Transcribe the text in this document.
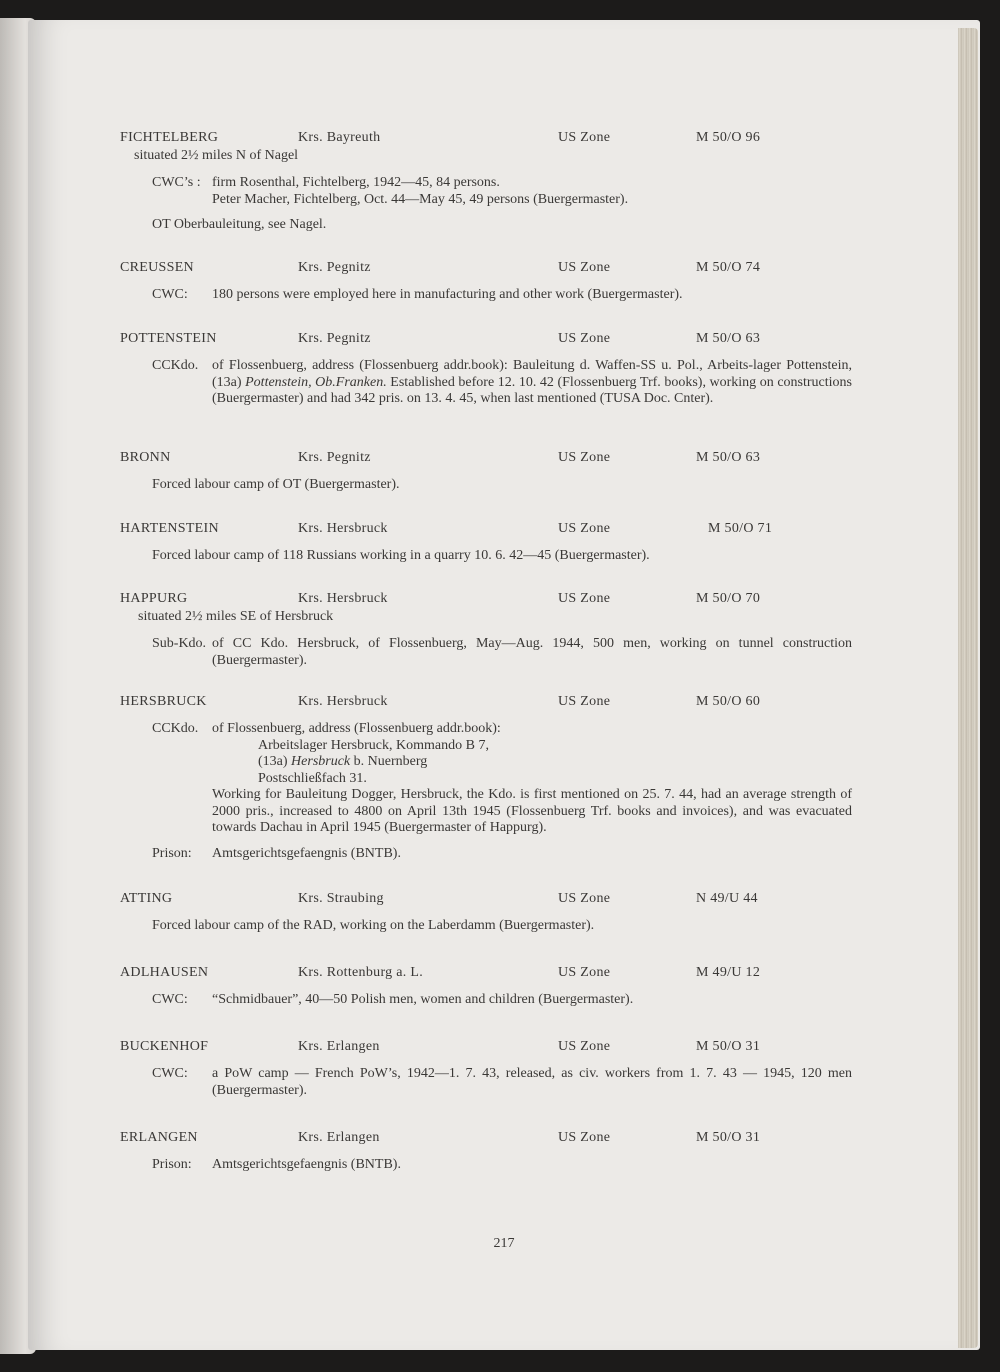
FICHTELBERG	Krs. Bayreuth	US Zone	M 50/O 96
situated 2½ miles N of Nagel
CWC’s : firm Rosenthal, Fichtelberg, 1942—45, 84 persons.
Peter Macher, Fichtelberg, Oct. 44—May 45, 49 persons (Buergermaster).
OT Oberbauleitung, see Nagel.
CREUSSEN	Krs. Pegnitz	US Zone	M 50/O 74
CWC: 180 persons were employed here in manufacturing and other work (Buergermaster).
POTTENSTEIN	Krs. Pegnitz	US Zone	M 50/O 63
CCKdo. of Flossenbuerg, address (Flossenbuerg addr.book): Bauleitung d. Waffen-SS u. Pol., Arbeits-lager Pottenstein, (13a) Pottenstein, Ob.Franken. Established before 12. 10. 42 (Flossenbuerg Trf. books), working on constructions (Buergermaster) and had 342 pris. on 13. 4. 45, when last mentioned (TUSA Doc. Cnter).
BRONN	Krs. Pegnitz	US Zone	M 50/O 63
Forced labour camp of OT (Buergermaster).
HARTENSTEIN	Krs. Hersbruck	US Zone	M 50/O 71
Forced labour camp of 118 Russians working in a quarry 10. 6. 42—45 (Buergermaster).
HAPPURG	Krs. Hersbruck	US Zone	M 50/O 70
situated 2½ miles SE of Hersbruck
Sub-Kdo. of CC Kdo. Hersbruck, of Flossenbuerg, May—Aug. 1944, 500 men, working on tunnel construction (Buergermaster).
HERSBRUCK	Krs. Hersbruck	US Zone	M 50/O 60
CCKdo. of Flossenbuerg, address (Flossenbuerg addr.book):
Arbeitslager Hersbruck, Kommando B 7,
(13a) Hersbruck b. Nuernberg
Postschließfach 31.
Working for Bauleitung Dogger, Hersbruck, the Kdo. is first mentioned on 25. 7. 44, had an average strength of 2000 pris., increased to 4800 on April 13th 1945 (Flossenbuerg Trf. books and invoices), and was evacuated towards Dachau in April 1945 (Buergermaster of Happurg).
Prison: Amtsgerichtsgefaengnis (BNTB).
ATTING	Krs. Straubing	US Zone	N 49/U 44
Forced labour camp of the RAD, working on the Laberdamm (Buergermaster).
ADLHAUSEN	Krs. Rottenburg a. L.	US Zone	M 49/U 12
CWC: “Schmidbauer”, 40—50 Polish men, women and children (Buergermaster).
BUCKENHOF	Krs. Erlangen	US Zone	M 50/O 31
CWC: a PoW camp — French PoW’s, 1942—1. 7. 43, released, as civ. workers from 1. 7. 43 — 1945, 120 men (Buergermaster).
ERLANGEN	Krs. Erlangen	US Zone	M 50/O 31
Prison: Amtsgerichtsgefaengnis (BNTB).
217
